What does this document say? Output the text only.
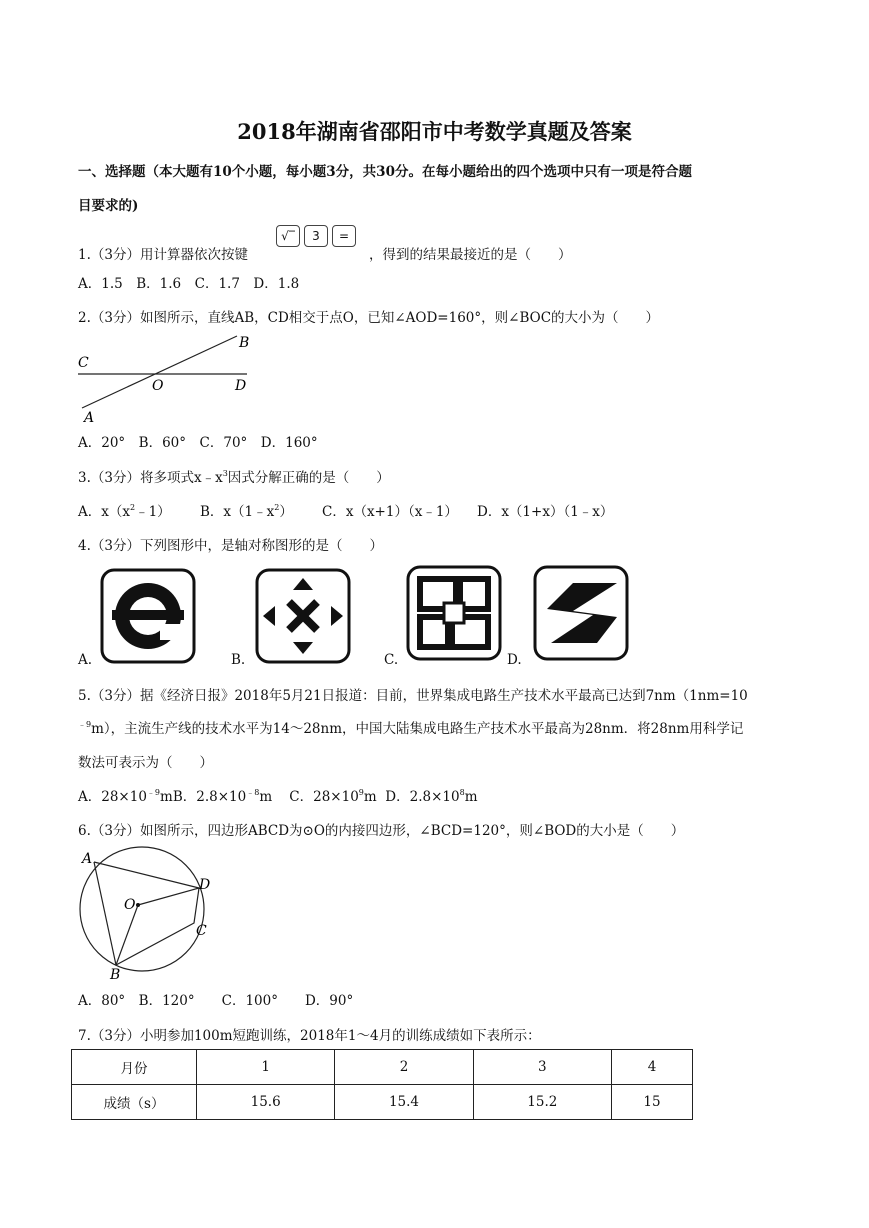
2018年湖南省邵阳市中考数学真题及答案
一、选择题（本大题有10个小题，每小题3分，共30分。在每小题给出的四个选项中只有一项是符合题
目要求的)
1.（3分）用计算器依次按键
√‾ 3 =
，得到的结果最接近的是（　　）
A．1.5　B．1.6　C．1.7　D．1.8
2.（3分）如图所示，直线AB，CD相交于点O，已知∠AOD=160°，则∠BOC的大小为（　　）
C
B
O	D
A
A．20°　B．60°　C．70°　D．160°
3.（3分）将多项式$x﹣x^3$因式分解正确的是（　　）
A．$x(x^2﹣1)$ B．$x(1﹣x^2)$ C．x（x+1）（x﹣1） D．x（1+x）（1﹣x）
4.（3分）下列图形中，是轴对称图形的是（　　）
A.	B.	C.	D.
5.（3分）据《经济日报》2018年5月21日报道：目前，世界集成电路生产技术水平最高已达到7nm（1nm=10
$^{﹣9}$m），主流生产线的技术水平为14～28nm，中国大陆集成电路生产技术水平最高为28nm．将28nm用科学记
数法可表示为（　　）
A．$28\times 10^{﹣9}mB$．$2.8\times 10^{﹣8}m$ C．$28\times 10^9m$ D．$2.8\times 10^8m$
6.（3分）如图所示，四边形ABCD为⊙O的内接四边形，∠BCD=120°，则∠BOD的大小是（　　）
A
D
O
C
B
A．80°　B．120°　　C．100°　　D．90°
7.（3分）小明参加100m短跑训练，2018年1～4月的训练成绩如下表所示：
月份	1	2	3	4
成绩（s）	15.6	15.4	15.2	15
